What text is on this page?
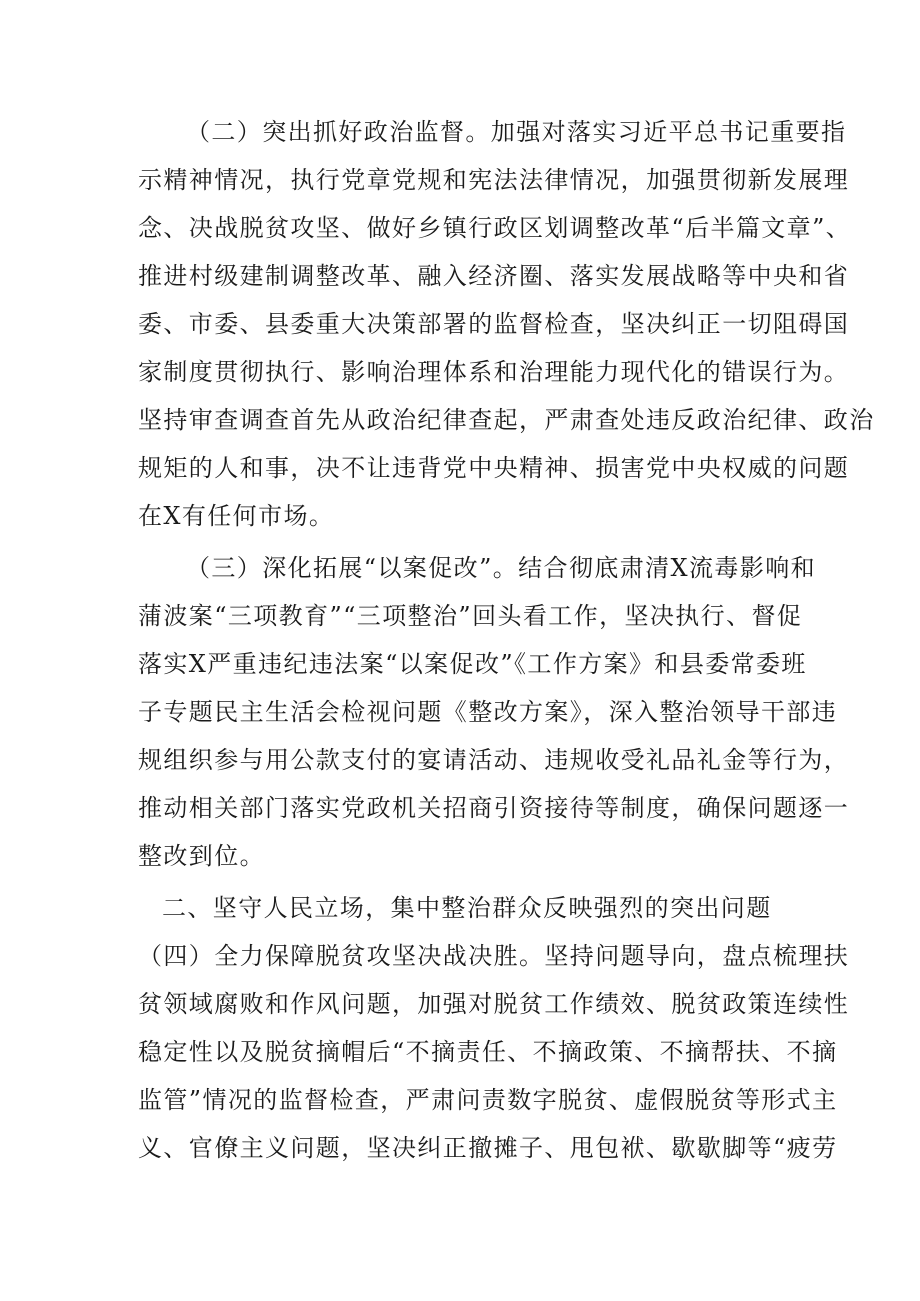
（二）突出抓好政治监督。加强对落实习近平总书记重要指

示精神情况，执行党章党规和宪法法律情况，加强贯彻新发展理

念、决战脱贫攻坚、做好乡镇行政区划调整改革“后半篇文章”、

推进村级建制调整改革、融入经济圈、落实发展战略等中央和省

委、市委、县委重大决策部署的监督检查，坚决纠正一切阻碍国

家制度贯彻执行、影响治理体系和治理能力现代化的错误行为。

坚持审查调查首先从政治纪律查起，严肃查处违反政治纪律、政治

规矩的人和事，决不让违背党中央精神、损害党中央权威的问题

在X有任何市场。

（三）深化拓展“以案促改”。结合彻底肃清X流毒影响和

蒲波案“三项教育”“三项整治”回头看工作，坚决执行、督促

落实X严重违纪违法案“以案促改”《工作方案》和县委常委班

子专题民主生活会检视问题《整改方案》，深入整治领导干部违

规组织参与用公款支付的宴请活动、违规收受礼品礼金等行为，

推动相关部门落实党政机关招商引资接待等制度，确保问题逐一

整改到位。

二、坚守人民立场，集中整治群众反映强烈的突出问题

（四）全力保障脱贫攻坚决战决胜。坚持问题导向，盘点梳理扶

贫领域腐败和作风问题，加强对脱贫工作绩效、脱贫政策连续性

稳定性以及脱贫摘帽后“不摘责任、不摘政策、不摘帮扶、不摘

监管”情况的监督检查，严肃问责数字脱贫、虚假脱贫等形式主

义、官僚主义问题，坚决纠正撤摊子、甩包袱、歇歇脚等“疲劳
